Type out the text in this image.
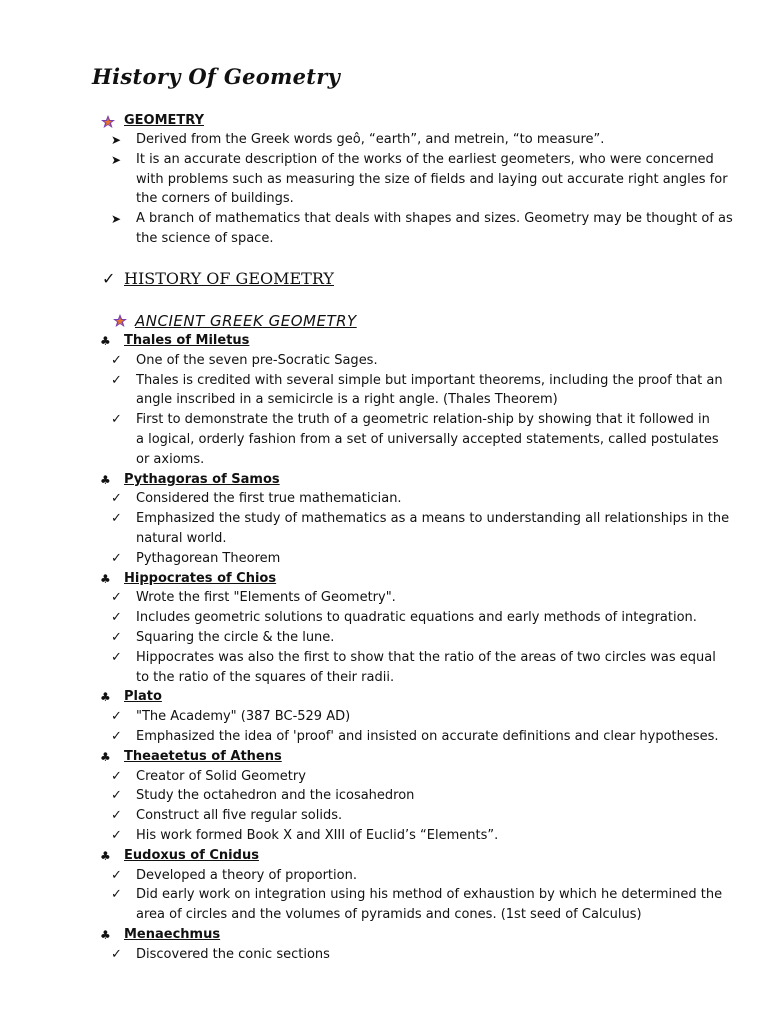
History Of Geometry
GEOMETRY
➤ Derived from the Greek words geô, “earth”, and metrein, “to measure”.
➤ It is an accurate description of the works of the earliest geometers, who were concerned
with problems such as measuring the size of fields and laying out accurate right angles for
the corners of buildings.
➤ A branch of mathematics that deals with shapes and sizes. Geometry may be thought of as
the science of space.
✓ HISTORY OF GEOMETRY
ANCIENT GREEK GEOMETRY
♣ Thales of Miletus
✓ One of the seven pre-Socratic Sages.
✓ Thales is credited with several simple but important theorems, including the proof that an
angle inscribed in a semicircle is a right angle. (Thales Theorem)
✓ First to demonstrate the truth of a geometric relation-ship by showing that it followed in
a logical, orderly fashion from a set of universally accepted statements, called postulates
or axioms.
♣ Pythagoras of Samos
✓ Considered the first true mathematician.
✓ Emphasized the study of mathematics as a means to understanding all relationships in the
natural world.
✓ Pythagorean Theorem
♣ Hippocrates of Chios
✓ Wrote the first "Elements of Geometry".
✓ Includes geometric solutions to quadratic equations and early methods of integration.
✓ Squaring the circle & the lune.
✓ Hippocrates was also the first to show that the ratio of the areas of two circles was equal
to the ratio of the squares of their radii.
♣ Plato
✓ "The Academy" (387 BC-529 AD)
✓ Emphasized the idea of 'proof' and insisted on accurate definitions and clear hypotheses.
♣ Theaetetus of Athens
✓ Creator of Solid Geometry
✓ Study the octahedron and the icosahedron
✓ Construct all five regular solids.
✓ His work formed Book X and XIII of Euclid’s “Elements”.
♣ Eudoxus of Cnidus
✓ Developed a theory of proportion.
✓ Did early work on integration using his method of exhaustion by which he determined the
area of circles and the volumes of pyramids and cones. (1st seed of Calculus)
♣ Menaechmus
✓ Discovered the conic sections
